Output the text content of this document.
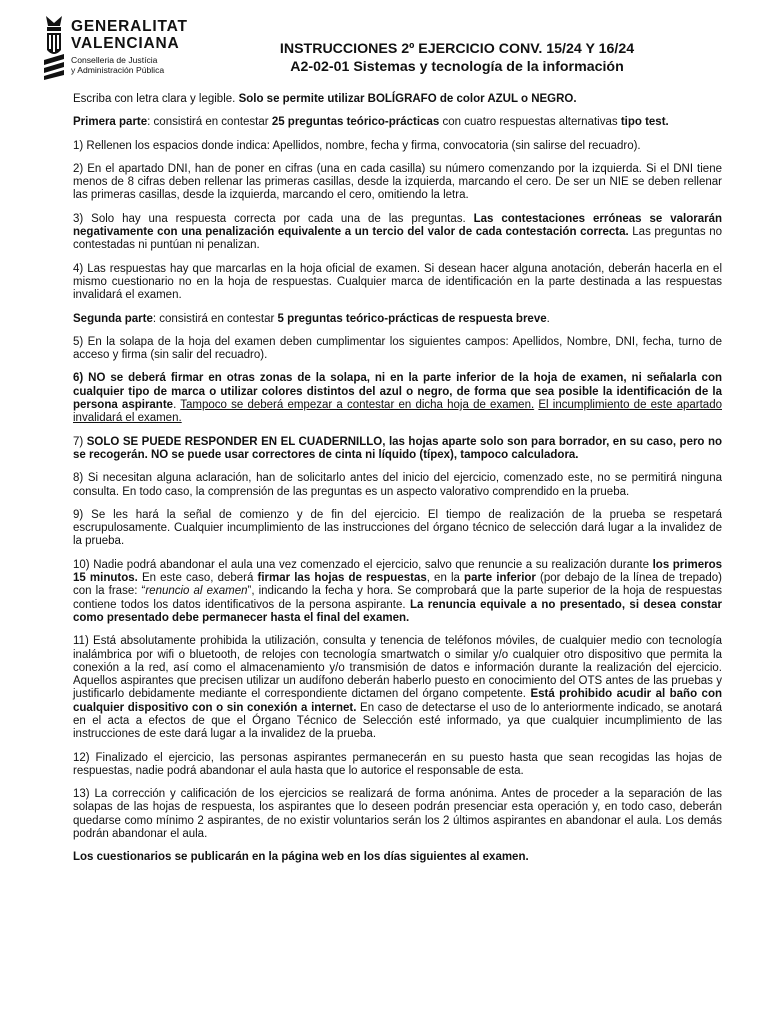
GENERALITAT
VALENCIANA
Conselleria de Justícia
y Administración Pública
INSTRUCCIONES 2º EJERCICIO CONV. 15/24 Y 16/24
A2-02-01 Sistemas y tecnología de la información

Escriba con letra clara y legible. Solo se permite utilizar BOLÍGRAFO de color AZUL o NEGRO.

Primera parte: consistirá en contestar 25 preguntas teórico-prácticas con cuatro respuestas alternativas tipo test.

1) Rellenen los espacios donde indica: Apellidos, nombre, fecha y firma, convocatoria (sin salirse del recuadro).

2) En el apartado DNI, han de poner en cifras (una en cada casilla) su número comenzando por la izquierda. Si el DNI tiene menos de 8 cifras deben rellenar las primeras casillas, desde la izquierda, marcando el cero. De ser un NIE se deben rellenar las primeras casillas, desde la izquierda, marcando el cero, omitiendo la letra.

3) Solo hay una respuesta correcta por cada una de las preguntas. Las contestaciones erróneas se valorarán negativamente con una penalización equivalente a un tercio del valor de cada contestación correcta. Las preguntas no contestadas ni puntúan ni penalizan.

4) Las respuestas hay que marcarlas en la hoja oficial de examen. Si desean hacer alguna anotación, deberán hacerla en el mismo cuestionario no en la hoja de respuestas. Cualquier marca de identificación en la parte destinada a las respuestas invalidará el examen.

Segunda parte: consistirá en contestar 5 preguntas teórico-prácticas de respuesta breve.

5) En la solapa de la hoja del examen deben cumplimentar los siguientes campos: Apellidos, Nombre, DNI, fecha, turno de acceso y firma (sin salir del recuadro).

6) NO se deberá firmar en otras zonas de la solapa, ni en la parte inferior de la hoja de examen, ni señalarla con cualquier tipo de marca o utilizar colores distintos del azul o negro, de forma que sea posible la identificación de la persona aspirante. Tampoco se deberá empezar a contestar en dicha hoja de examen. El incumplimiento de este apartado invalidará el examen.

7) SOLO SE PUEDE RESPONDER EN EL CUADERNILLO, las hojas aparte solo son para borrador, en su caso, pero no se recogerán. NO se puede usar correctores de cinta ni líquido (típex), tampoco calculadora.

8) Si necesitan alguna aclaración, han de solicitarlo antes del inicio del ejercicio, comenzado este, no se permitirá ninguna consulta. En todo caso, la comprensión de las preguntas es un aspecto valorativo comprendido en la prueba.

9) Se les hará la señal de comienzo y de fin del ejercicio. El tiempo de realización de la prueba se respetará escrupulosamente. Cualquier incumplimiento de las instrucciones del órgano técnico de selección dará lugar a la invalidez de la prueba.

10) Nadie podrá abandonar el aula una vez comenzado el ejercicio, salvo que renuncie a su realización durante los primeros 15 minutos. En este caso, deberá firmar las hojas de respuestas, en la parte inferior (por debajo de la línea de trepado) con la frase: “renuncio al examen”, indicando la fecha y hora. Se comprobará que la parte superior de la hoja de respuestas contiene todos los datos identificativos de la persona aspirante. La renuncia equivale a no presentado, si desea constar como presentado debe permanecer hasta el final del examen.

11) Está absolutamente prohibida la utilización, consulta y tenencia de teléfonos móviles, de cualquier medio con tecnología inalámbrica por wifi o bluetooth, de relojes con tecnología smartwatch o similar y/o cualquier otro dispositivo que permita la conexión a la red, así como el almacenamiento y/o transmisión de datos e información durante la realización del ejercicio. Aquellos aspirantes que precisen utilizar un audífono deberán haberlo puesto en conocimiento del OTS antes de las pruebas y justificarlo debidamente mediante el correspondiente dictamen del órgano competente. Está prohibido acudir al baño con cualquier dispositivo con o sin conexión a internet. En caso de detectarse el uso de lo anteriormente indicado, se anotará en el acta a efectos de que el Órgano Técnico de Selección esté informado, ya que cualquier incumplimiento de las instrucciones de este dará lugar a la invalidez de la prueba.

12) Finalizado el ejercicio, las personas aspirantes permanecerán en su puesto hasta que sean recogidas las hojas de respuestas, nadie podrá abandonar el aula hasta que lo autorice el responsable de esta.

13) La corrección y calificación de los ejercicios se realizará de forma anónima. Antes de proceder a la separación de las solapas de las hojas de respuesta, los aspirantes que lo deseen podrán presenciar esta operación y, en todo caso, deberán quedarse como mínimo 2 aspirantes, de no existir voluntarios serán los 2 últimos aspirantes en abandonar el aula. Los demás podrán abandonar el aula.

Los cuestionarios se publicarán en la página web en los días siguientes al examen.
